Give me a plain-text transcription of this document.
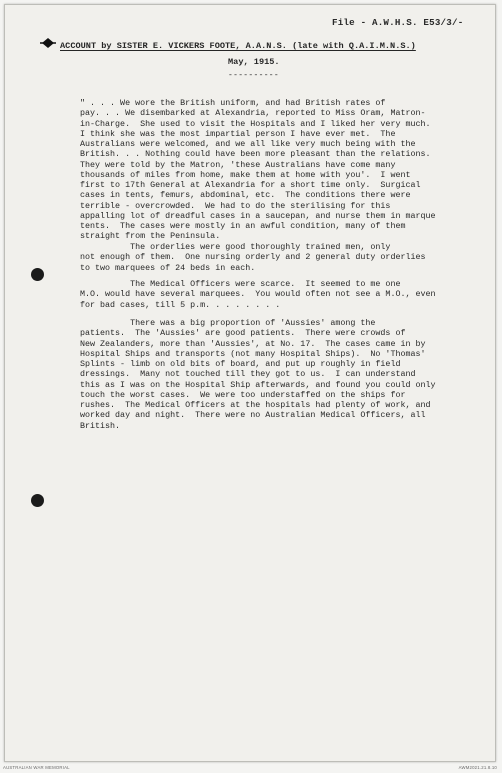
File - A.W.H.S. E53/3/-
ACCOUNT by SISTER E. VICKERS FOOTE, A.A.N.S. (late with Q.A.I.M.N.S.)
May, 1915.
----------
" . . . We wore the British uniform, and had British rates of
pay. . . We disembarked at Alexandria, reported to Miss Oram, Matron-
in-Charge.  She used to visit the Hospitals and I liked her very much.
I think she was the most impartial person I have ever met.  The
Australians were welcomed, and we all like very much being with the
British. . . Nothing could have been more pleasant than the relations.
They were told by the Matron, 'these Australians have come many
thousands of miles from home, make them at home with you'.  I went
first to 17th General at Alexandria for a short time only.  Surgical
cases in tents, femurs, abdominal, etc.  The conditions there were
terrible - overcrowded.  We had to do the sterilising for this
appalling lot of dreadful cases in a saucepan, and nurse them in marque
tents.  The cases were mostly in an awful condition, many of them
straight from the Peninsula.
The orderlies were good thoroughly trained men, only
not enough of them.  One nursing orderly and 2 general duty orderlies
to two marquees of 24 beds in each.
The Medical Officers were scarce.  It seemed to me one
M.O. would have several marquees.  You would often not see a M.O., even
for bad cases, till 5 p.m. . . . . . . .
There was a big proportion of 'Aussies' among the
patients.  The 'Aussies' are good patients.  There were crowds of
New Zealanders, more than 'Aussies', at No. 17.  The cases came in by
Hospital Ships and transports (not many Hospital Ships).  No 'Thomas'
Splints - limb on old bits of board, and put up roughly in field
dressings.  Many not touched till they got to us.  I can understand
this as I was on the Hospital Ship afterwards, and found you could only
touch the worst cases.  We were too understaffed on the ships for
rushes.  The Medical Officers at the hospitals had plenty of work, and
worked day and night.  There were no Australian Medical Officers, all
British.
AUSTRALIAN WAR MEMORIAL	AWM2021.21.8.10
